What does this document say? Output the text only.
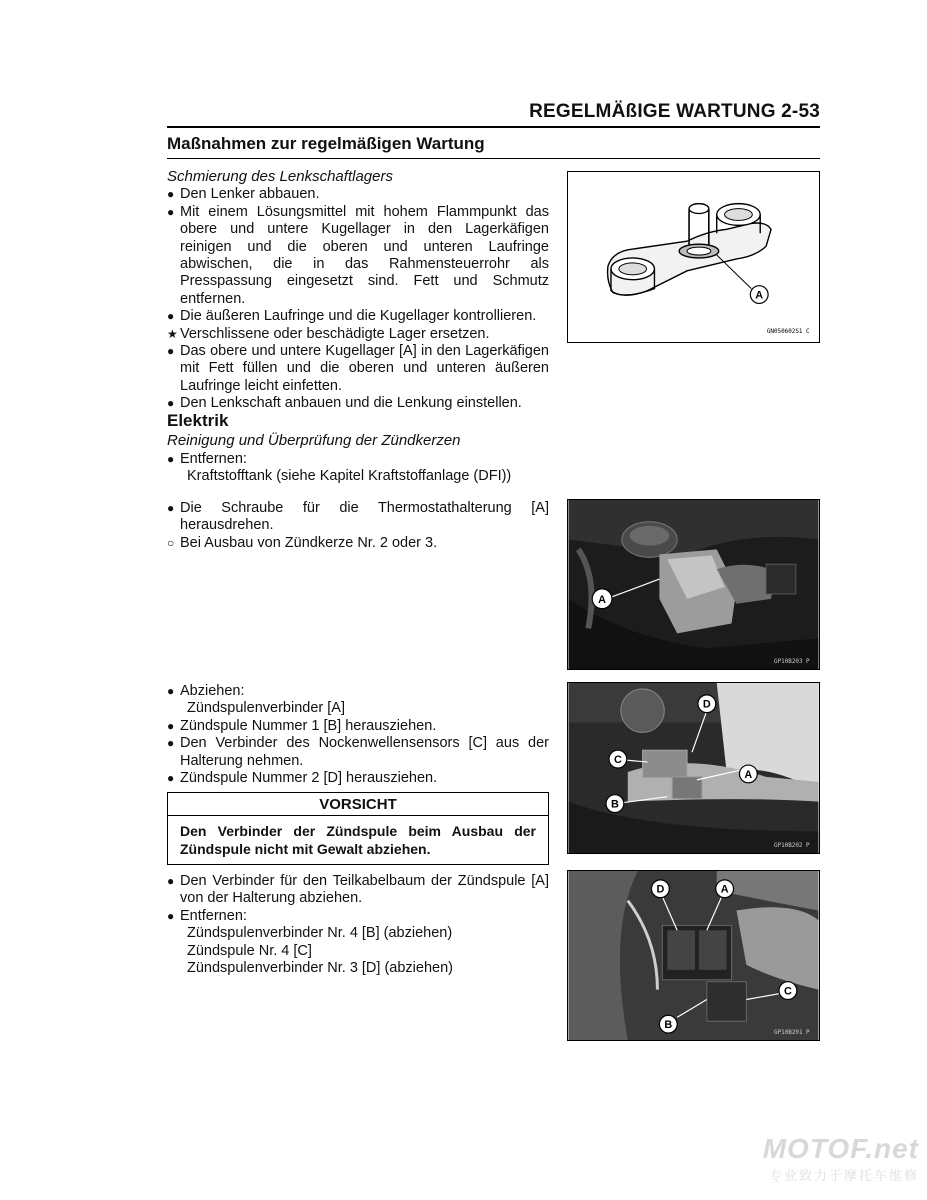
REGELMÄßIGE WARTUNG 2-53
Maßnahmen zur regelmäßigen Wartung
Schmierung des Lenkschaftlagers
● Den Lenker abbauen.
● Mit einem Lösungsmittel mit hohem Flammpunkt das obere und untere Kugellager in den Lagerkäfigen reinigen und die oberen und unteren Laufringe abwischen, die in das Rahmensteuerrohr als Presspassung eingesetzt sind. Fett und Schmutz entfernen.
● Die äußeren Laufringe und die Kugellager kontrollieren.
★ Verschlissene oder beschädigte Lager ersetzen.
● Das obere und untere Kugellager [A] in den Lagerkäfigen mit Fett füllen und die oberen und unteren äußeren Laufringe leicht einfetten.
● Den Lenkschaft anbauen und die Lenkung einstellen.
Elektrik
Reinigung und Überprüfung der Zündkerzen
● Entfernen:
Kraftstofftank (siehe Kapitel Kraftstoffanlage (DFI))
● Die Schraube für die Thermostathalterung [A] herausdrehen.
○ Bei Ausbau von Zündkerze Nr. 2 oder 3.
● Abziehen:
Zündspulenverbinder [A]
● Zündspule Nummer 1 [B] herausziehen.
● Den Verbinder des Nockenwellensensors [C] aus der Halterung nehmen.
● Zündspule Nummer 2 [D] herausziehen.
VORSICHT
Den Verbinder der Zündspule beim Ausbau der Zündspule nicht mit Gewalt abziehen.
● Den Verbinder für den Teilkabelbaum der Zündspule [A] von der Halterung abziehen.
● Entfernen:
Zündspulenverbinder Nr. 4 [B] (abziehen)
Zündspule Nr. 4 [C]
Zündspulenverbinder Nr. 3 [D] (abziehen)
A
GN050602S1 C
A
GP10B203 P
C
D
A
B
GP10B202 P
D	A
C
B
GP10B201 P
MOTOF.net
专业致力于摩托车维修
